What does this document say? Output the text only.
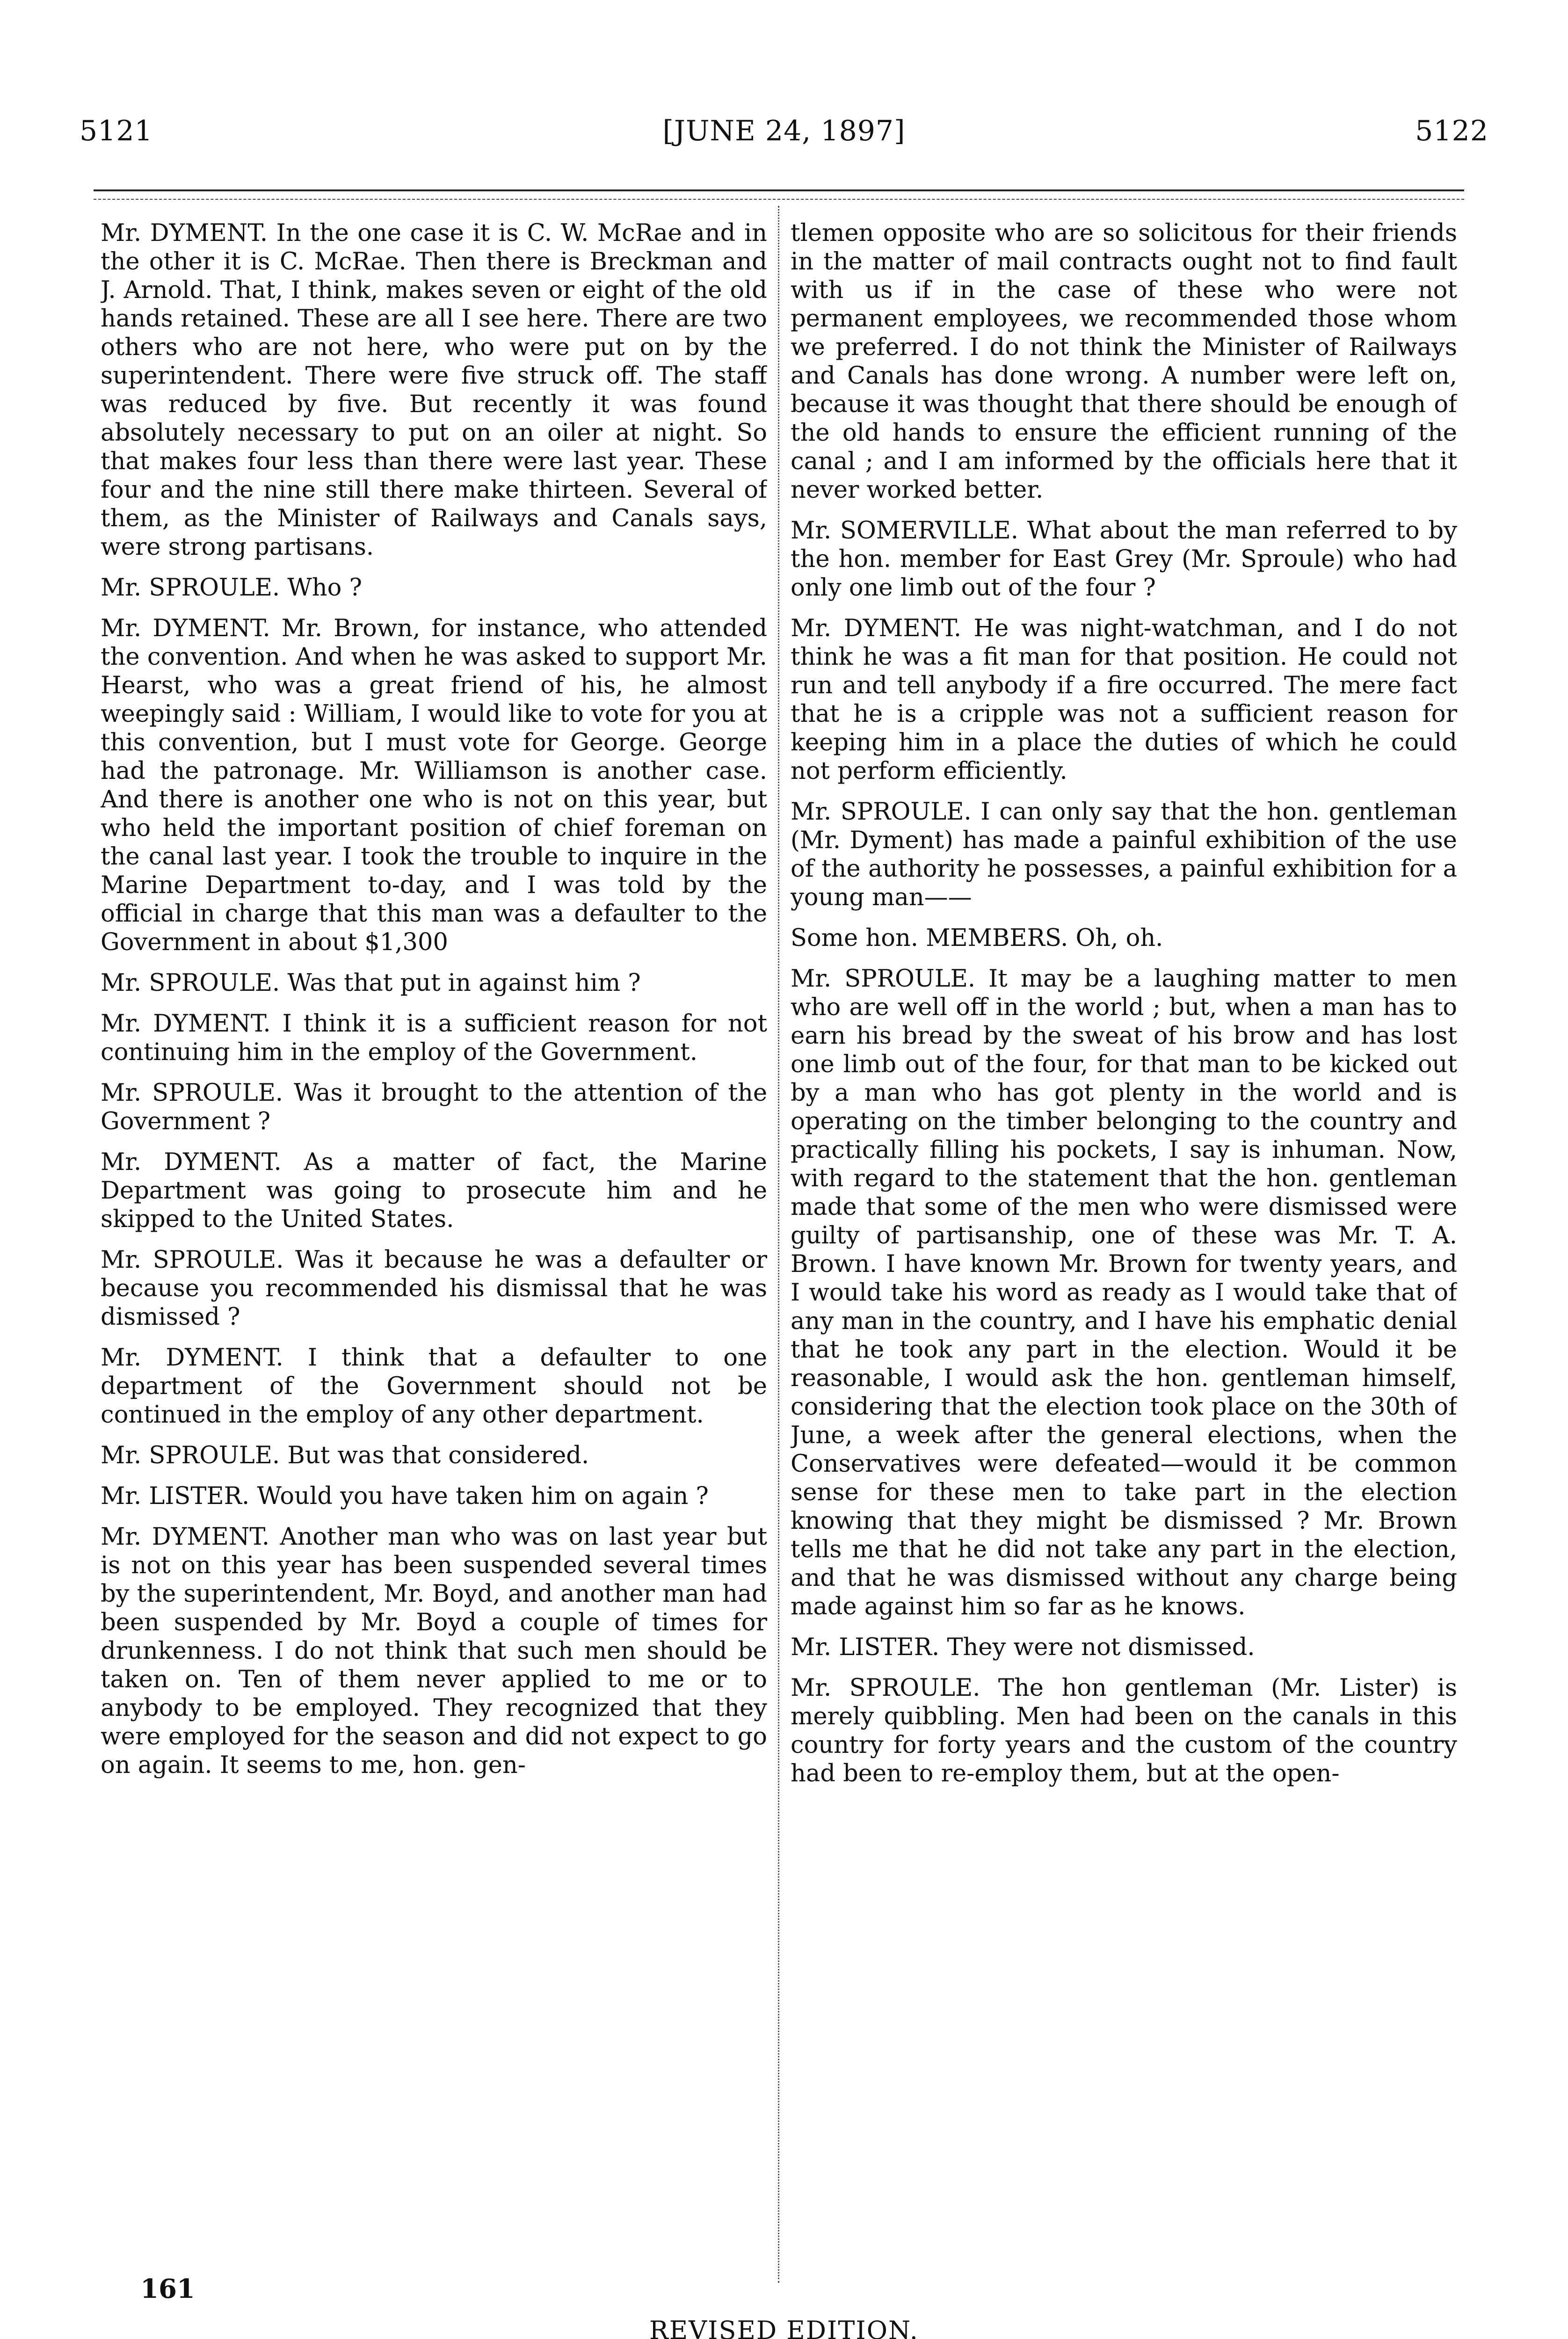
5121	[JUNE 24, 1897]	5122

Mr. DYMENT. In the one case it is C. W. McRae and in the other it is C. McRae. Then there is Breckman and J. Arnold. That, I think, makes seven or eight of the old hands retained. These are all I see here. There are two others who are not here, who were put on by the superintendent. There were five struck off. The staff was reduced by five. But recently it was found absolutely necessary to put on an oiler at night. So that makes four less than there were last year. These four and the nine still there make thirteen. Several of them, as the Minister of Railways and Canals says, were strong partisans.

Mr. SPROULE. Who ?

Mr. DYMENT. Mr. Brown, for instance, who attended the convention. And when he was asked to support Mr. Hearst, who was a great friend of his, he almost weepingly said : William, I would like to vote for you at this convention, but I must vote for George. George had the patronage. Mr. Williamson is another case. And there is another one who is not on this year, but who held the important position of chief foreman on the canal last year. I took the trouble to inquire in the Marine Department to-day, and I was told by the official in charge that this man was a defaulter to the Government in about $1,300

Mr. SPROULE. Was that put in against him ?

Mr. DYMENT. I think it is a sufficient reason for not continuing him in the employ of the Government.

Mr. SPROULE. Was it brought to the attention of the Government ?

Mr. DYMENT. As a matter of fact, the Marine Department was going to prosecute him and he skipped to the United States.

Mr. SPROULE. Was it because he was a defaulter or because you recommended his dismissal that he was dismissed ?

Mr. DYMENT. I think that a defaulter to one department of the Government should not be continued in the employ of any other department.

Mr. SPROULE. But was that considered.

Mr. LISTER. Would you have taken him on again ?

Mr. DYMENT. Another man who was on last year but is not on this year has been suspended several times by the superintendent, Mr. Boyd, and another man had been suspended by Mr. Boyd a couple of times for drunkenness. I do not think that such men should be taken on. Ten of them never applied to me or to anybody to be employed. They recognized that they were employed for the season and did not expect to go on again. It seems to me, hon. gen-

tlemen opposite who are so solicitous for their friends in the matter of mail contracts ought not to find fault with us if in the case of these who were not permanent employees, we recommended those whom we preferred. I do not think the Minister of Railways and Canals has done wrong. A number were left on, because it was thought that there should be enough of the old hands to ensure the efficient running of the canal ; and I am informed by the officials here that it never worked better.

Mr. SOMERVILLE. What about the man referred to by the hon. member for East Grey (Mr. Sproule) who had only one limb out of the four ?

Mr. DYMENT. He was night-watchman, and I do not think he was a fit man for that position. He could not run and tell anybody if a fire occurred. The mere fact that he is a cripple was not a sufficient reason for keeping him in a place the duties of which he could not perform efficiently.

Mr. SPROULE. I can only say that the hon. gentleman (Mr. Dyment) has made a painful exhibition of the use of the authority he possesses, a painful exhibition for a young man——

Some hon. MEMBERS. Oh, oh.

Mr. SPROULE. It may be a laughing matter to men who are well off in the world ; but, when a man has to earn his bread by the sweat of his brow and has lost one limb out of the four, for that man to be kicked out by a man who has got plenty in the world and is operating on the timber belonging to the country and practically filling his pockets, I say is inhuman. Now, with regard to the statement that the hon. gentleman made that some of the men who were dismissed were guilty of partisanship, one of these was Mr. T. A. Brown. I have known Mr. Brown for twenty years, and I would take his word as ready as I would take that of any man in the country, and I have his emphatic denial that he took any part in the election. Would it be reasonable, I would ask the hon. gentleman himself, considering that the election took place on the 30th of June, a week after the general elections, when the Conservatives were defeated—would it be common sense for these men to take part in the election knowing that they might be dismissed ? Mr. Brown tells me that he did not take any part in the election, and that he was dismissed without any charge being made against him so far as he knows.

Mr. LISTER. They were not dismissed.

Mr. SPROULE. The hon gentleman (Mr. Lister) is merely quibbling. Men had been on the canals in this country for forty years and the custom of the country had been to re-employ them, but at the open-

161
REVISED EDITION.
